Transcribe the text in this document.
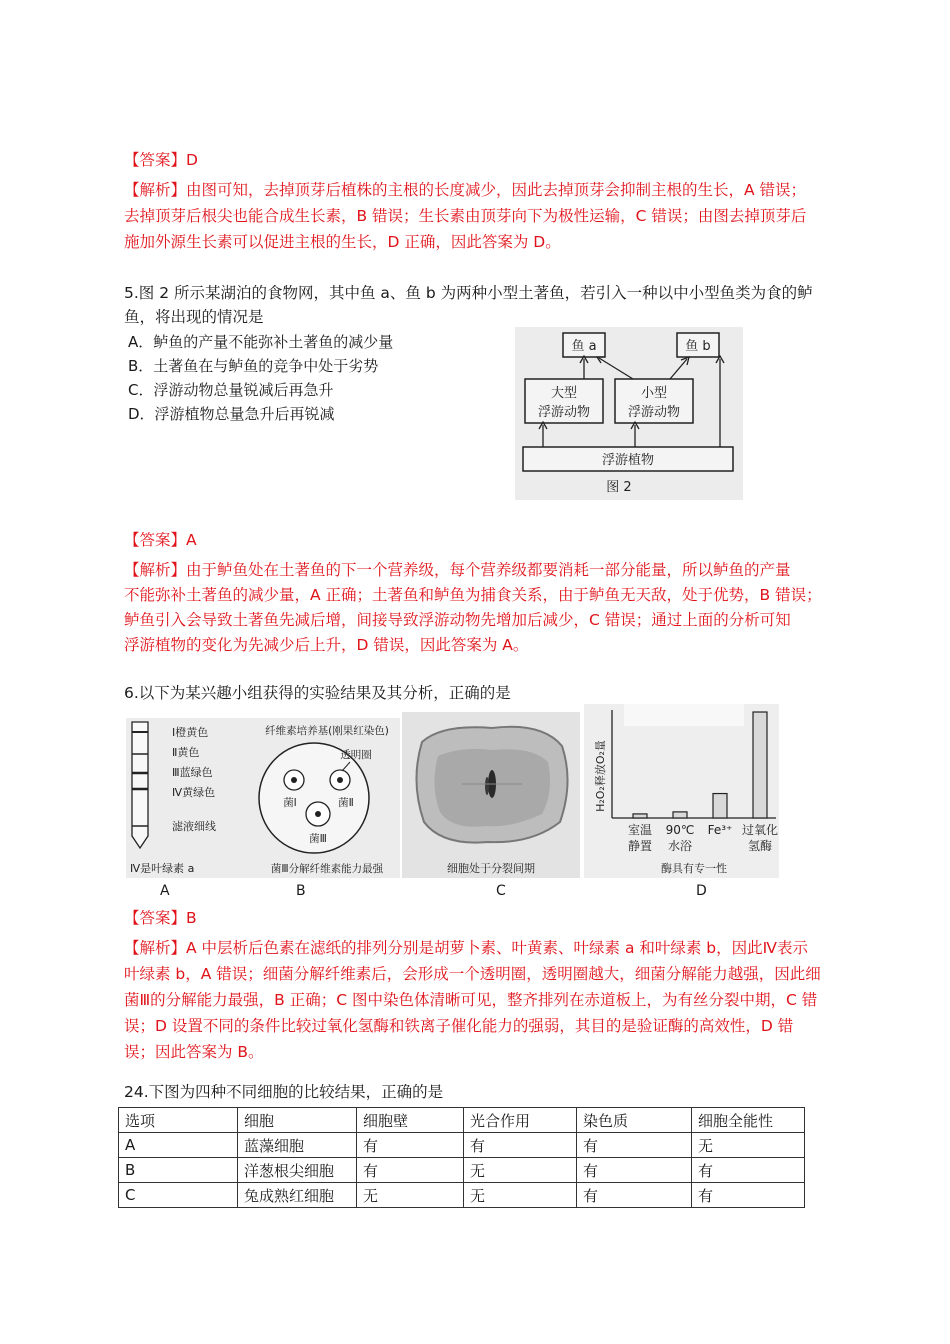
【答案】D
【解析】由图可知，去掉顶芽后植株的主根的长度减少，因此去掉顶芽会抑制主根的生长，A 错误；
去掉顶芽后根尖也能合成生长素，B 错误；生长素由顶芽向下为极性运输，C 错误；由图去掉顶芽后
施加外源生长素可以促进主根的生长，D 正确，因此答案为 D。
5.图 2 所示某湖泊的食物网，其中鱼 a、鱼 b 为两种小型土著鱼，若引入一种以中小型鱼类为食的鲈
鱼，将出现的情况是
A．鲈鱼的产量不能弥补土著鱼的减少量
B．土著鱼在与鲈鱼的竞争中处于劣势
C．浮游动物总量锐减后再急升
D．浮游植物总量急升后再锐减
鱼 a	鱼 b
大型
浮游动物
小型
浮游动物
浮游植物
图 2
【答案】A
【解析】由于鲈鱼处在土著鱼的下一个营养级，每个营养级都要消耗一部分能量，所以鲈鱼的产量
不能弥补土著鱼的减少量，A 正确；土著鱼和鲈鱼为捕食关系，由于鲈鱼无天敌，处于优势，B 错误；
鲈鱼引入会导致土著鱼先减后增，间接导致浮游动物先增加后减少，C 错误；通过上面的分析可知
浮游植物的变化为先减少后上升，D 错误，因此答案为 A。
6.以下为某兴趣小组获得的实验结果及其分析，正确的是
Ⅰ橙黄色
Ⅱ黄色
Ⅲ蓝绿色
Ⅳ黄绿色
滤液细线
Ⅳ是叶绿素 a
纤维素培养基(刚果红染色)
透明圈
菌Ⅰ	菌Ⅱ
菌Ⅲ
菌Ⅲ分解纤维素能力最强	细胞处于分裂间期
H₂O₂释放O₂量
室温
静置
90℃
水浴
Fe³⁺ 过氧化
氢酶
酶具有专一性
A	B	C	D
【答案】B
【解析】A 中层析后色素在滤纸的排列分别是胡萝卜素、叶黄素、叶绿素 a 和叶绿素 b，因此Ⅳ表示
叶绿素 b，A 错误；细菌分解纤维素后，会形成一个透明圈，透明圈越大，细菌分解能力越强，因此细
菌Ⅲ的分解能力最强，B 正确；C 图中染色体清晰可见，整齐排列在赤道板上，为有丝分裂中期，C 错
误；D 设置不同的条件比较过氧化氢酶和铁离子催化能力的强弱，其目的是验证酶的高效性，D 错
误；因此答案为 B。
24.下图为四种不同细胞的比较结果，正确的是
选项	细胞	细胞壁	光合作用	染色质	细胞全能性
A	蓝藻细胞	有	有	有	无
B	洋葱根尖细胞	有	无	有	有
C	兔成熟红细胞	无	无	有	有
